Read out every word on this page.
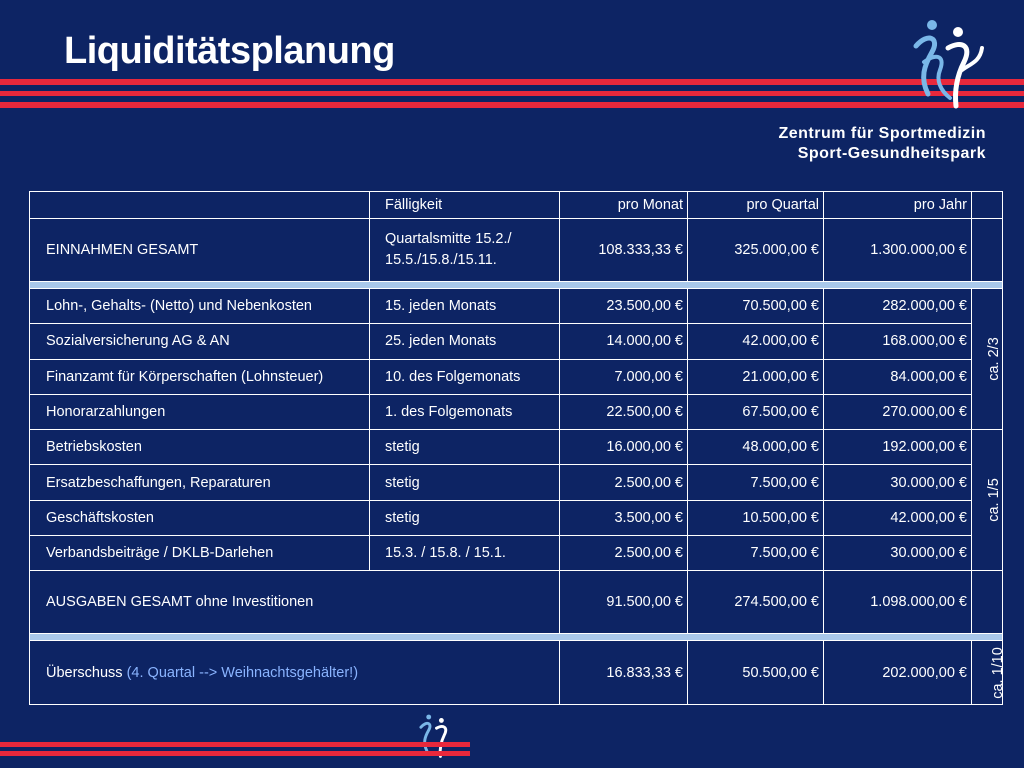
Liquiditätsplanung
Zentrum für Sportmedizin
Sport-Gesundheitspark
	Fälligkeit	pro Monat	pro Quartal	pro Jahr	
EINNAHMEN GESAMT	Quartalsmitte 15.2./ 15.5./15.8./15.11.	108.333,33 €	325.000,00 €	1.300.000,00 €	

Lohn-, Gehalts- (Netto) und Nebenkosten	15. jeden Monats	23.500,00 €	70.500,00 €	282.000,00 €	ca. 2/3
Sozialversicherung AG & AN	25. jeden Monats	14.000,00 €	42.000,00 €	168.000,00 €	
Finanzamt für Körperschaften (Lohnsteuer)	10. des Folgemonats	7.000,00 €	21.000,00 €	84.000,00 €	
Honorarzahlungen	1. des Folgemonats	22.500,00 €	67.500,00 €	270.000,00 €	
Betriebskosten	stetig	16.000,00 €	48.000,00 €	192.000,00 €	ca. 1/5
Ersatzbeschaffungen, Reparaturen	stetig	2.500,00 €	7.500,00 €	30.000,00 €	
Geschäftskosten	stetig	3.500,00 €	10.500,00 €	42.000,00 €	
Verbandsbeiträge / DKLB-Darlehen	15.3. / 15.8. / 15.1.	2.500,00 €	7.500,00 €	30.000,00 €	
AUSGABEN GESAMT ohne Investitionen		91.500,00 €	274.500,00 €	1.098.000,00 €	

Überschuss (4. Quartal --> Weihnachtsgehälter!)		16.833,33 €	50.500,00 €	202.000,00 €	ca. 1/10
